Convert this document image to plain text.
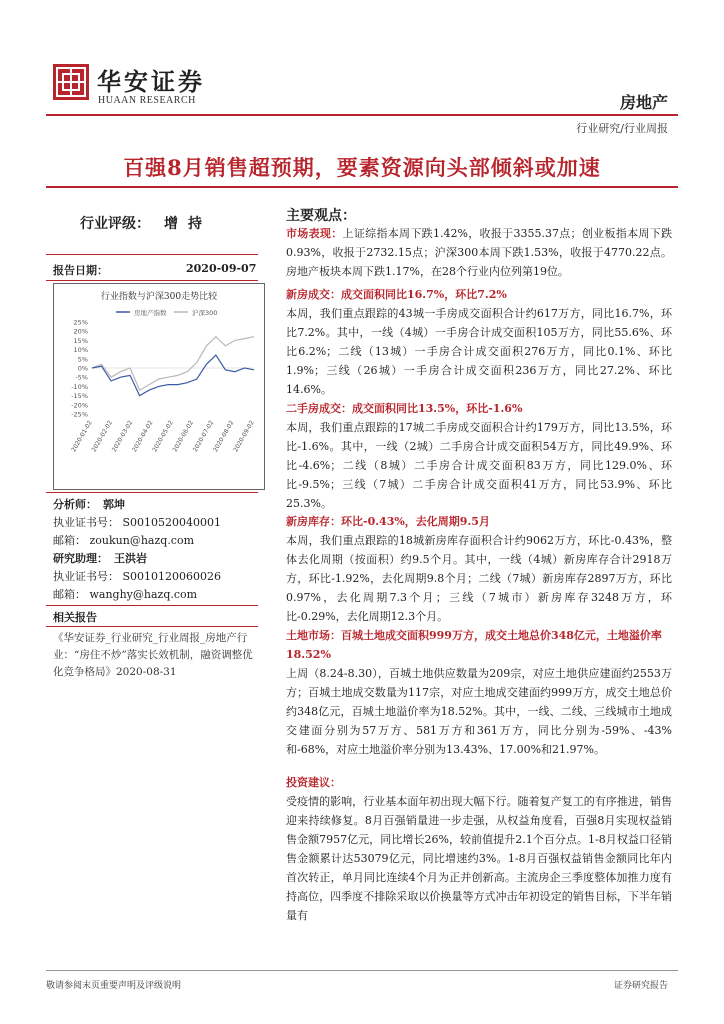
华安证券
HUAAN RESEARCH	房地产
行业研究/行业周报
百强8月销售超预期，要素资源向头部倾斜或加速
行业评级： 增持
报告日期：	2020-09-07
行业指数与沪深300走势比较
房地产指数	沪深300
25%
20%
15%
10%
5%
0%
-5%
-10%
-15%
-20%
-25%
2020-01-02
2020-02-02
2020-03-02
2020-04-02
2020-05-02
2020-06-02
2020-07-02
2020-08-02
2020-09-02
分析师： 郭坤
执业证书号： S0010520040001
邮箱： zoukun@hazq.com
研究助理： 王洪岩
执业证书号： S0010120060026
邮箱： wanghy@hazq.com
相关报告
《华安证券_行业研究_行业周报_房地产行业：“房住不炒”落实长效机制，融资调整优化竞争格局》2020-08-31
主要观点：
市场表现：上证综指本周下跌1.42%，收报于3355.37点；创业板指本周下跌0.93%，收报于2732.15点；沪深300本周下跌1.53%，收报于4770.22点。房地产板块本周下跌1.17%，在28个行业内位列第19位。
新房成交：成交面积同比16.7%，环比7.2%
本周，我们重点跟踪的43城一手房成交面积合计约617万方，同比16.7%，环比7.2%。其中，一线（4城）一手房合计成交面积105万方，同比55.6%、环比6.2%；二线（13城）一手房合计成交面积276万方，同比0.1%、环比1.9%；三线（26城）一手房合计成交面积236万方，同比27.2%、环比14.6%。
二手房成交：成交面积同比13.5%，环比-1.6%
本周，我们重点跟踪的17城二手房成交面积合计约179万方，同比13.5%，环比-1.6%。其中，一线（2城）二手房合计成交面积54万方，同比49.9%、环比-4.6%；二线（8城）二手房合计成交面积83万方，同比129.0%、环比-9.5%；三线（7城）二手房合计成交面积41万方，同比53.9%、环比25.3%。
新房库存：环比-0.43%，去化周期9.5月
本周，我们重点跟踪的18城新房库存面积合计约9062万方，环比-0.43%，整体去化周期（按面积）约9.5个月。其中，一线（4城）新房库存合计2918万方，环比-1.92%，去化周期9.8个月；二线（7城）新房库存2897万方，环比0.97%，去化周期7.3个月；三线（7城市）新房库存3248万方，环比-0.29%，去化周期12.3个月。
土地市场：百城土地成交面积999万方，成交土地总价348亿元，土地溢价率18.52%
上周（8.24-8.30），百城土地供应数量为209宗，对应土地供应建面约2553万方；百城土地成交数量为117宗，对应土地成交建面约999万方，成交土地总价约348亿元，百城土地溢价率为18.52%。其中，一线、二线、三线城市土地成交建面分别为57万方、581万方和361万方，同比分别为-59%、-43%和-68%，对应土地溢价率分别为13.43%、17.00%和21.97%。
投资建议：
受疫情的影响，行业基本面年初出现大幅下行。随着复产复工的有序推进，销售迎来持续修复。8月百强销量进一步走强，从权益角度看，百强8月实现权益销售金额7957亿元，同比增长26%，较前值提升2.1个百分点。1-8月权益口径销售金额累计达53079亿元，同比增速约3%。1-8月百强权益销售金额同比年内首次转正，单月同比连续4个月为正并创新高。主流房企三季度整体加推力度有持高位，四季度不排除采取以价换量等方式冲击年初设定的销售目标，下半年销量有
敬请参阅末页重要声明及评级说明	证券研究报告
